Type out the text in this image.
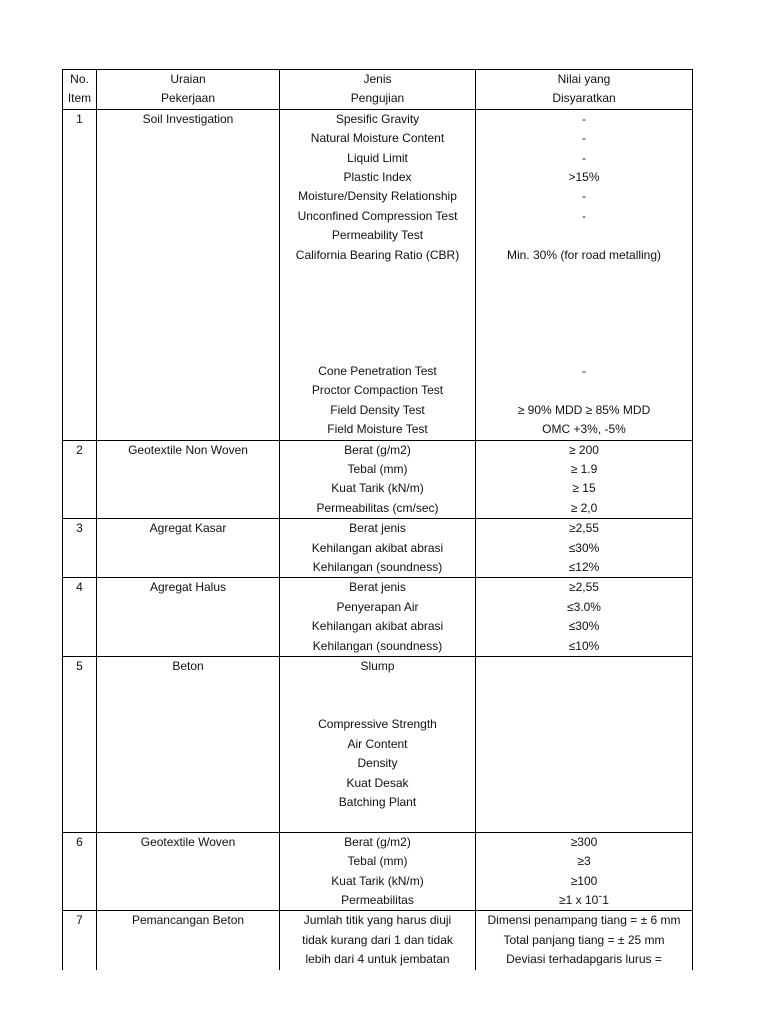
No.	Uraian	Jenis	Nilai yang
Item	Pekerjaan	Pengujian	Disyaratkan
1	Soil Investigation	Spesific Gravity	-
		Natural Moisture Content	-
		Liquid Limit	-
		Plastic Index	>15%
		Moisture/Density Relationship	-
		Unconfined Compression Test	-
		Permeability Test	
		California Bearing Ratio (CBR)	Min. 30% (for road metalling)

		Cone Penetration Test	-
		Proctor Compaction Test	
		Field Density Test	≥ 90% MDD ≥ 85% MDD
		Field Moisture Test	OMC +3%, -5%
2	Geotextile Non Woven	Berat (g/m2)	≥ 200
		Tebal (mm)	≥ 1.9
		Kuat Tarik (kN/m)	≥ 15
		Permeabilitas (cm/sec)	≥ 2,0
3	Agregat Kasar	Berat jenis	≥2,55
		Kehilangan akibat abrasi	≤30%
		Kehilangan (soundness)	≤12%
4	Agregat Halus	Berat jenis	≥2,55
		Penyerapan Air	≤3.0%
		Kehilangan akibat abrasi	≤30%
		Kehilangan (soundness)	≤10%
5	Beton	Slump	

		Compressive Strength	
		Air Content	
		Density	
		Kuat Desak	
		Batching Plant	

6	Geotextile Woven	Berat (g/m2)	≥300
		Tebal (mm)	≥3
		Kuat Tarik (kN/m)	≥100
		Permeabilitas	≥1 x 10ˉ1
7	Pemancangan Beton	Jumlah titik yang harus diuji	Dimensi penampang tiang = ± 6 mm
		tidak kurang dari 1 dan tidak	Total panjang tiang = ± 25 mm
		lebih dari 4 untuk jembatan	Deviasi terhadapgaris lurus =
